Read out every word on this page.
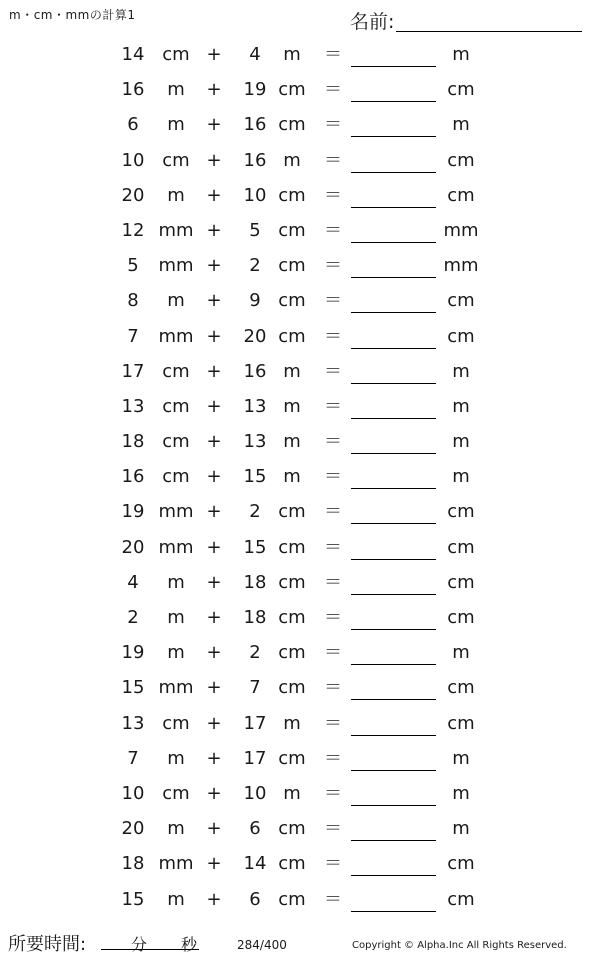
m・cm・mmの計算1	名前:
14 cm +	4	m	＝	m
16	m	+	19 cm	＝	cm
6	m	+	16 cm	＝	m
10 cm +	16 m	＝	cm
20	m	+	10 cm	＝	cm
12 mm +	5 cm	＝	mm
5	mm +	2 cm	＝	mm
8	m	+	9 cm	＝	cm
7	mm +	20 cm	＝	cm
17 cm +	16 m	＝	m
13 cm +	13 m	＝	m
18 cm +	13 m	＝	m
16 cm +	15 m	＝	m
19 mm +	2 cm	＝	cm
20 mm +	15 cm	＝	cm
4	m	+	18 cm	＝	cm
2	m	+	18 cm	＝	cm
19	m	+	2 cm	＝	m
15 mm +	7 cm	＝	cm
13 cm +	17 m	＝	cm
7	m	+	17 cm	＝	m
10 cm +	10 m	＝	m
20	m	+	6 cm	＝	m
18 mm +	14 cm	＝	cm
15	m	+	6 cm	＝	cm
所要時間:	分 秒	284/400	Copyright © Alpha.Inc All Rights Reserved.
